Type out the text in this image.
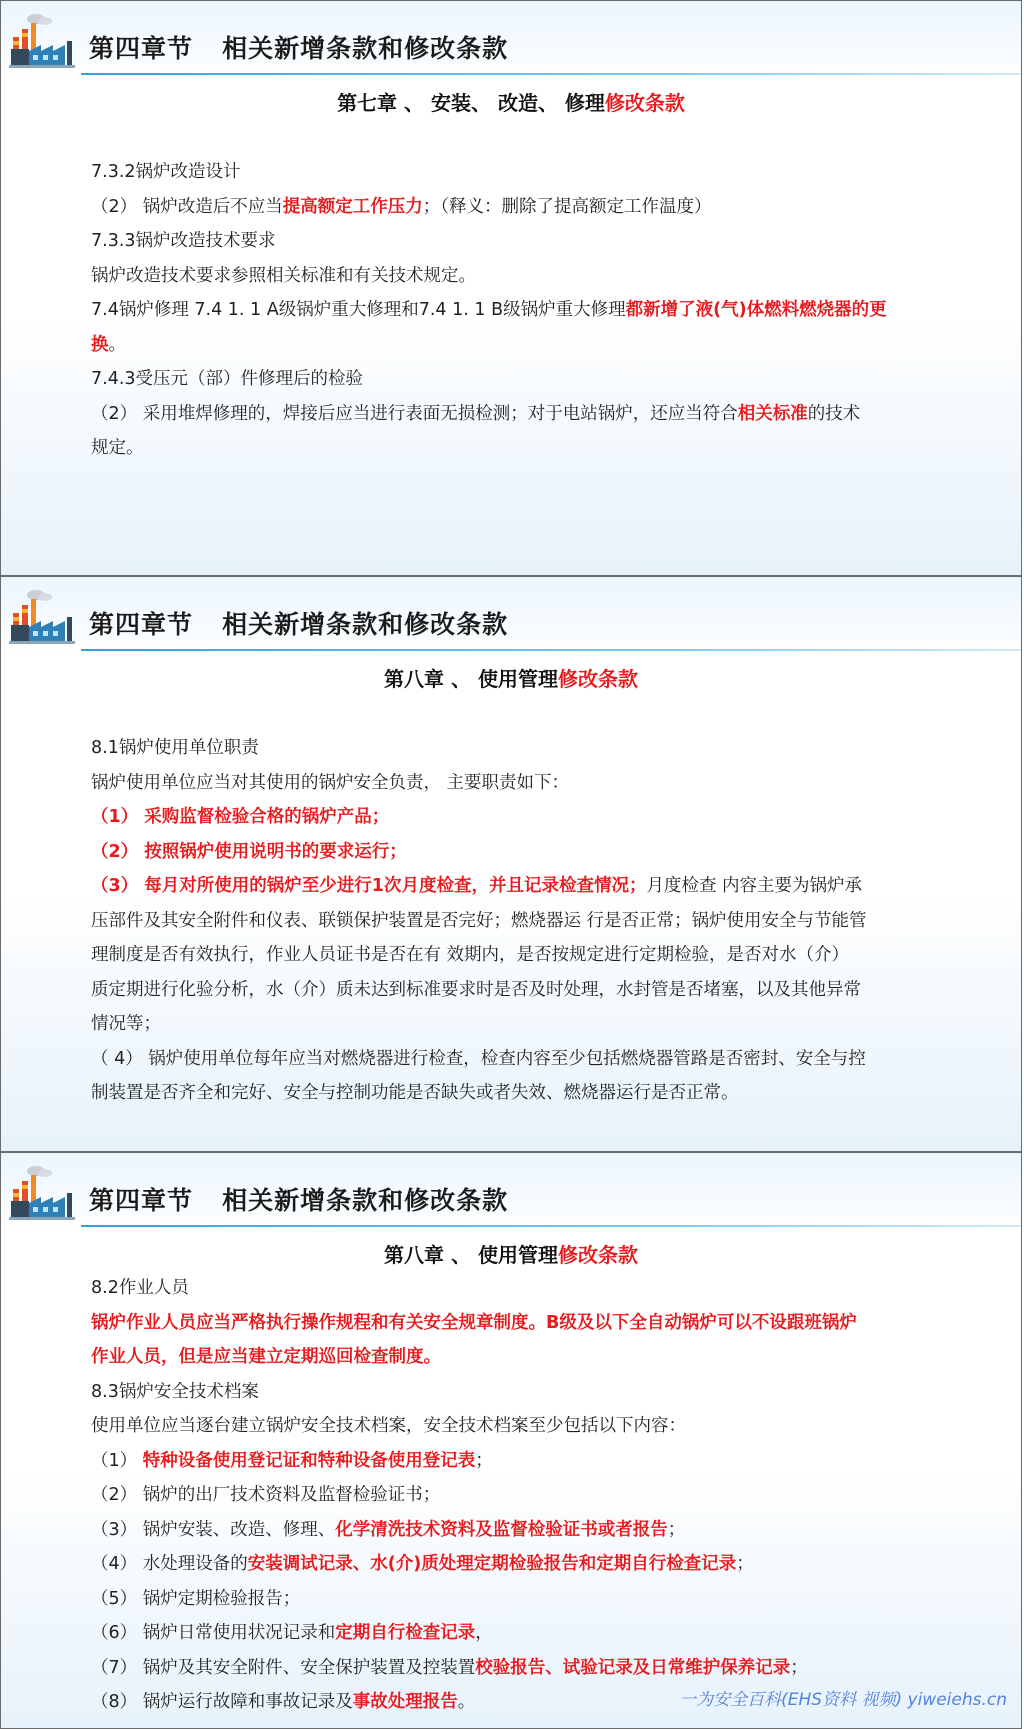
第四章节   相关新增条款和修改条款
第七章 、 安装、 改造、 修理修改条款
7.3.2锅炉改造设计
（2） 锅炉改造后不应当提高额定工作压力；（释义：删除了提高额定工作温度）
7.3.3锅炉改造技术要求
锅炉改造技术要求参照相关标准和有关技术规定。
7.4锅炉修理 7.4 1. 1 A级锅炉重大修理和7.4 1. 1 B级锅炉重大修理都新增了液(气)体燃料燃烧器的更
换。
7.4.3受压元（部）件修理后的检验
（2） 采用堆焊修理的，焊接后应当进行表面无损检测；对于电站锅炉，还应当符合相关标准的技术
规定。
第四章节   相关新增条款和修改条款
第八章 、 使用管理修改条款
8.1锅炉使用单位职责
锅炉使用单位应当对其使用的锅炉安全负责， 主要职责如下：
（1） 采购监督检验合格的锅炉产品；
（2） 按照锅炉使用说明书的要求运行；
（3） 每月对所使用的锅炉至少进行1次月度检查，并且记录检查情况；月度检查 内容主要为锅炉承
压部件及其安全附件和仪表、联锁保护装置是否完好；燃烧器运 行是否正常；锅炉使用安全与节能管
理制度是否有效执行，作业人员证书是否在有 效期内，是否按规定进行定期检验，是否对水（介）
质定期进行化验分析，水（介）质未达到标准要求时是否及时处理，水封管是否堵塞，以及其他异常
情况等；
（ 4） 锅炉使用单位每年应当对燃烧器进行检查，检查内容至少包括燃烧器管路是否密封、安全与控
制装置是否齐全和完好、安全与控制功能是否缺失或者失效、燃烧器运行是否正常。
第四章节   相关新增条款和修改条款
第八章 、 使用管理修改条款
8.2作业人员
锅炉作业人员应当严格执行操作规程和有关安全规章制度。B级及以下全自动锅炉可以不设跟班锅炉
作业人员，但是应当建立定期巡回检查制度。
8.3锅炉安全技术档案
使用单位应当逐台建立锅炉安全技术档案，安全技术档案至少包括以下内容：
（1） 特种设备使用登记证和特种设备使用登记表；
（2） 锅炉的出厂技术资料及监督检验证书；
（3） 锅炉安装、改造、修理、化学清洗技术资料及监督检验证书或者报告；
（4） 水处理设备的安装调试记录、水(介)质处理定期检验报告和定期自行检查记录；
（5） 锅炉定期检验报告；
（6） 锅炉日常使用状况记录和定期自行检查记录，
（7） 锅炉及其安全附件、安全保护装置及控装置校验报告、试验记录及日常维护保养记录；
（8） 锅炉运行故障和事故记录及事故处理报告。	一为安全百科(EHS资料 视频) yiweiehs.cn
